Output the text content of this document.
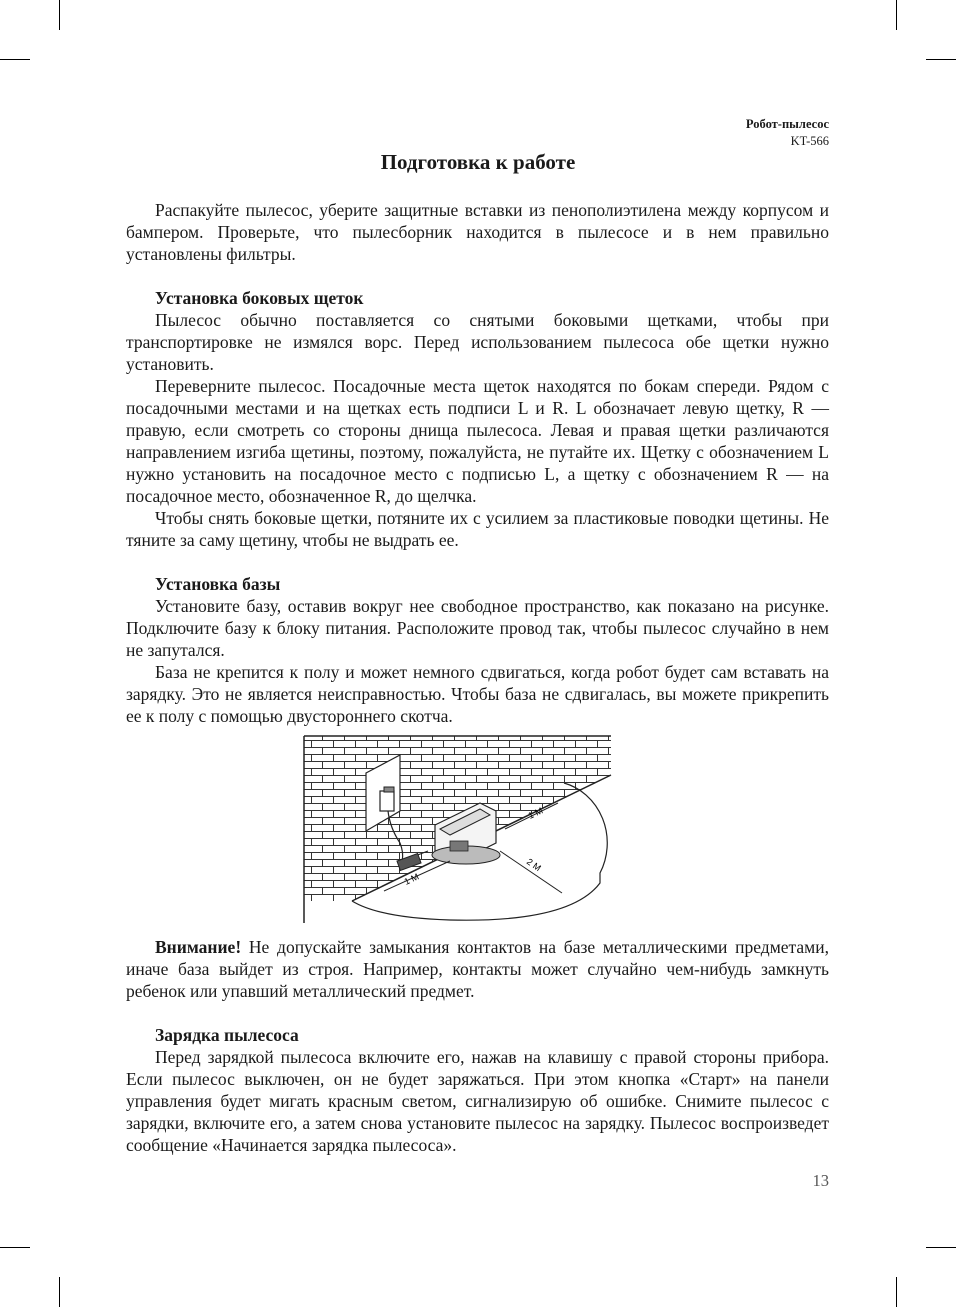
Робот-пылесос
KT-566
Подготовка к работе

Распакуйте пылесос, уберите защитные вставки из пенополиэтилена между корпусом и бампером. Проверьте, что пылесборник находится в пылесосе и в нем правильно установлены фильтры.

Установка боковых щеток

Пылесос обычно поставляется со снятыми боковыми щетками, чтобы при транспортировке не измялся ворс. Перед использованием пылесоса обе щетки нужно установить.

Переверните пылесос. Посадочные места щеток находятся по бокам спереди. Рядом с посадочными местами и на щетках есть подписи L и R. L обозначает левую щетку, R — правую, если смотреть со стороны днища пылесоса. Левая и правая щетки различаются направлением изгиба щетины, поэтому, пожалуйста, не путайте их. Щетку с обозначением L нужно установить на посадочное место с подписью L, а щетку с обозначением R — на посадочное место, обозначенное R, до щелчка.

Чтобы снять боковые щетки, потяните их с усилием за пластиковые поводки щетины. Не тяните за саму щетину, чтобы не выдрать ее.

Установка базы

Установите базу, оставив вокруг нее свободное пространство, как показано на рисунке. Подключите базу к блоку питания. Расположите провод так, чтобы пылесос случайно в нем не запутался.

База не крепится к полу и может немного сдвигаться, когда робот будет сам вставать на зарядку. Это не является неисправностью. Чтобы база не сдвигалась, вы можете прикрепить ее к полу с помощью двустороннего скотча.

1 M
2 M
1 M

Внимание! Не допускайте замыкания контактов на базе металлическими предметами, иначе база выйдет из строя. Например, контакты может случайно чем-нибудь замкнуть ребенок или упавший металлический предмет.

Зарядка пылесоса

Перед зарядкой пылесоса включите его, нажав на клавишу с правой стороны прибора. Если пылесос выключен, он не будет заряжаться. При этом кнопка «Старт» на панели управления будет мигать красным светом, сигнализирую об ошибке. Снимите пылесос с зарядки, включите его, а затем снова установите пылесос на зарядку. Пылесос воспроизведет сообщение «Начинается зарядка пылесоса».

13
